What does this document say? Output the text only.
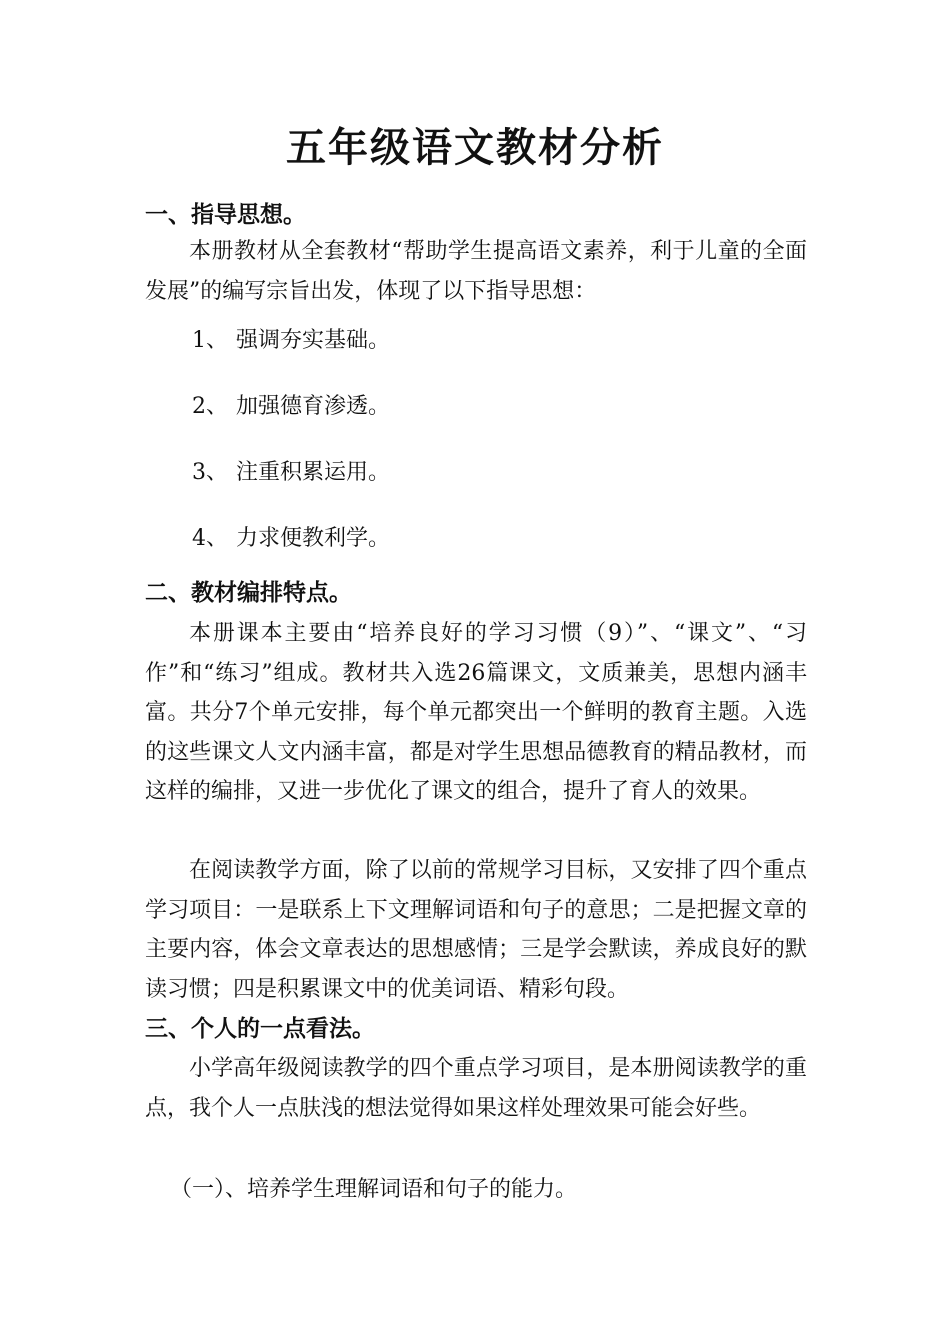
五年级语文教材分析
一、指导思想。

本册教材从全套教材“帮助学生提高语文素养，利于儿童的全面发展”的编写宗旨出发，体现了以下指导思想：

1、 强调夯实基础。
2、 加强德育渗透。
3、 注重积累运用。
4、 力求便教利学。
二、教材编排特点。

本册课本主要由“培养良好的学习习惯（9）”、“课文”、“习作”和“练习”组成。教材共入选26篇课文，文质兼美，思想内涵丰富。共分7个单元安排，每个单元都突出一个鲜明的教育主题。入选的这些课文人文内涵丰富，都是对学生思想品德教育的精品教材，而这样的编排，又进一步优化了课文的组合，提升了育人的效果。

在阅读教学方面，除了以前的常规学习目标，又安排了四个重点学习项目：一是联系上下文理解词语和句子的意思；二是把握文章的主要内容，体会文章表达的思想感情；三是学会默读，养成良好的默读习惯；四是积累课文中的优美词语、精彩句段。

三、个人的一点看法。

小学高年级阅读教学的四个重点学习项目，是本册阅读教学的重点，我个人一点肤浅的想法觉得如果这样处理效果可能会好些。

（一）、培养学生理解词语和句子的能力。
